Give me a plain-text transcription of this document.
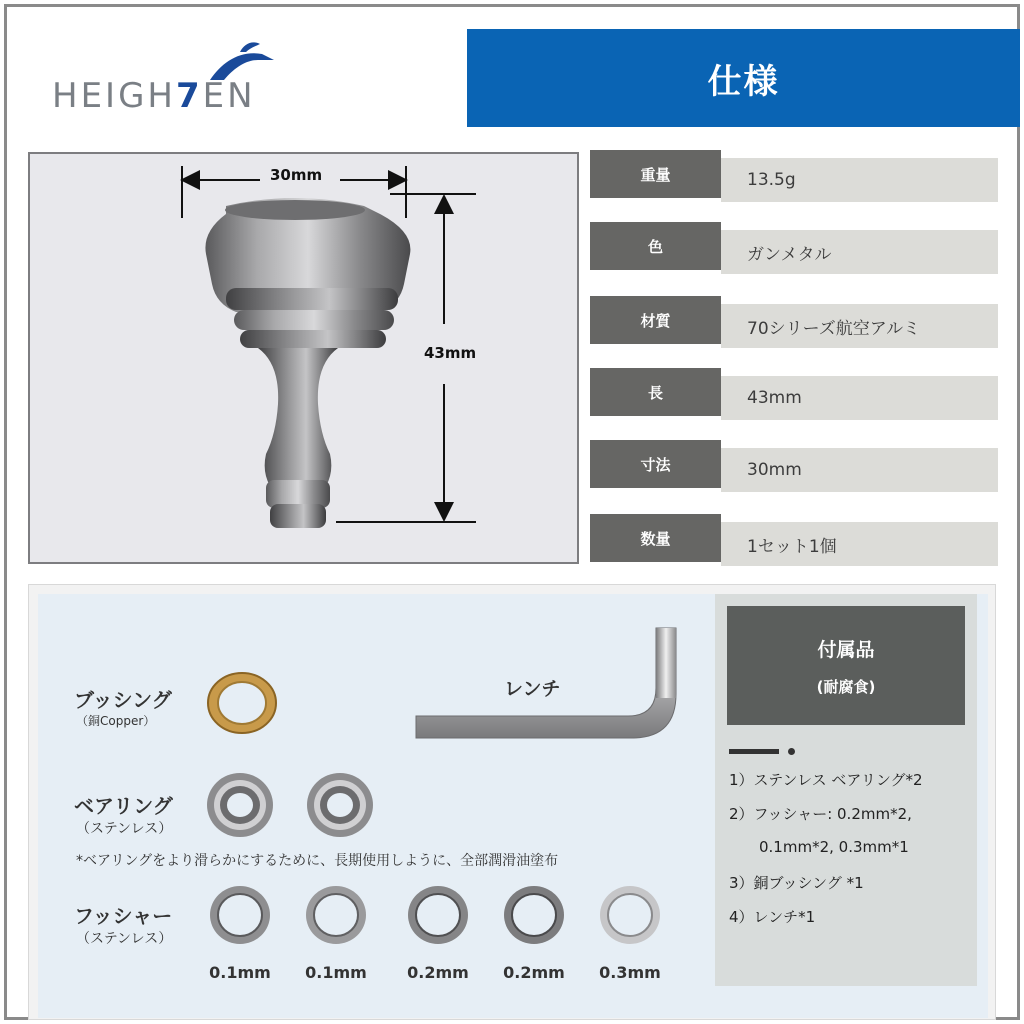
HEIGH7EN	仕様
30mm
43mm
重量	13.5g
色	ガンメタル
材質	70シリーズ航空アルミ
長	43mm
寸法	30mm
数量	1セット1個
付属品
(耐腐食)
1）ステンレス ベアリング*2
2）フッシャー: 0.2mm*2,
0.1mm*2, 0.3mm*1
3）銅ブッシング *1
4）レンチ*1
ブッシング
（銅Copper）
レンチ
ベアリング
（ステンレス）
*ベアリングをより滑らかにするために、長期使用しように、全部潤滑油塗布
フッシャー
（ステンレス）
0.1mm 0.1mm	0.2mm 0.2mm 0.3mm
